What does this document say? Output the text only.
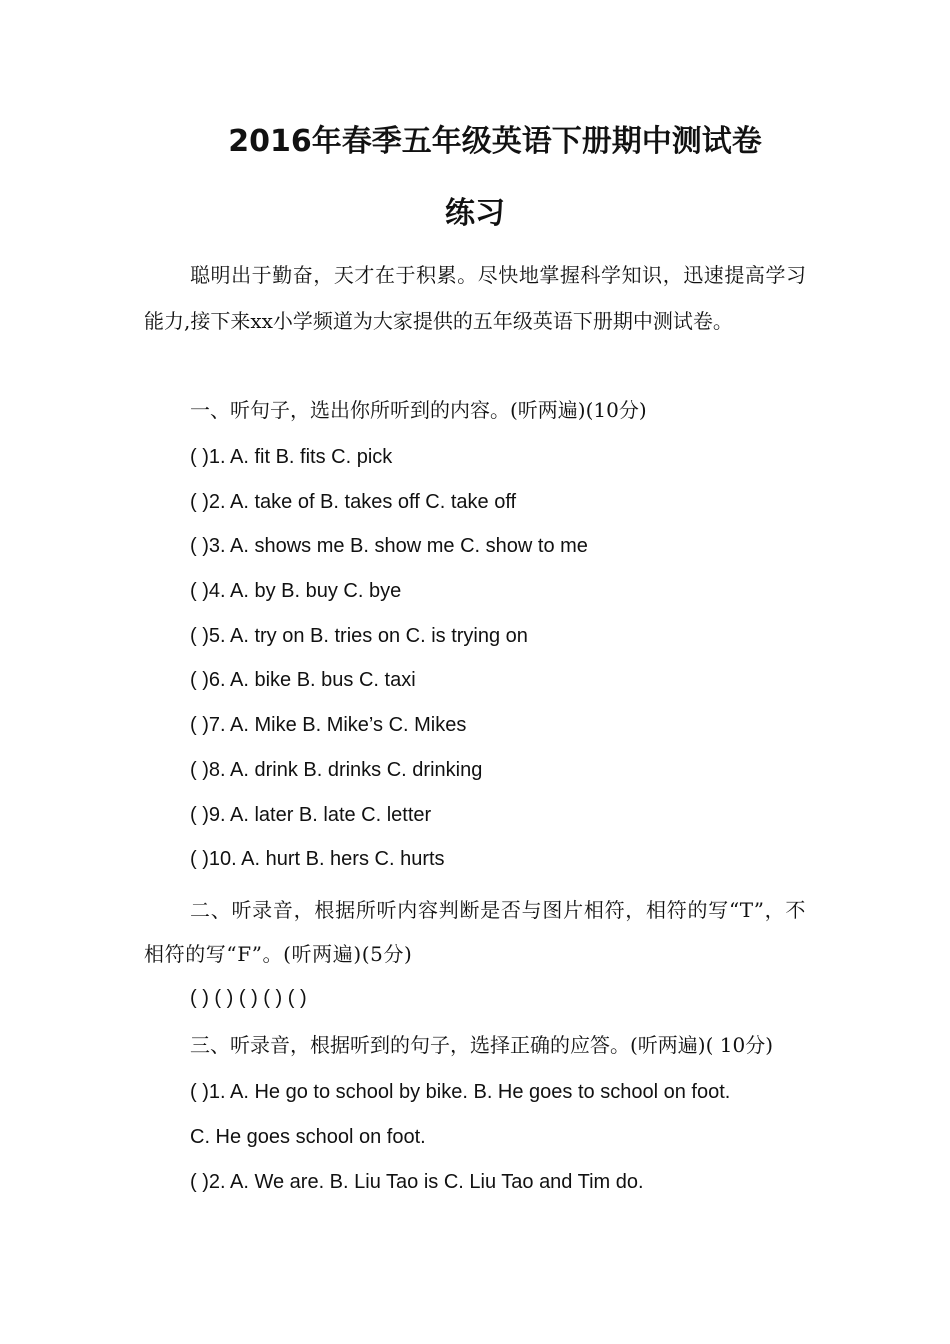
2016年春季五年级英语下册期中测试卷
练习

聪明出于勤奋，天才在于积累。尽快地掌握科学知识，迅速提高学习能力,接下来xx小学频道为大家提供的五年级英语下册期中测试卷。

一、听句子，选出你所听到的内容。(听两遍)(10分)

( )1. A. fit B. fits C. pick

( )2. A. take of B. takes off C. take off

( )3. A. shows me B. show me C. show to me

( )4. A. by B. buy C. bye

( )5. A. try on B. tries on C. is trying on

( )6. A. bike B. bus C. taxi

( )7. A. Mike B. Mike’s C. Mikes

( )8. A. drink B. drinks C. drinking

( )9. A. later B. late C. letter

( )10. A. hurt B. hers C. hurts

二、听录音，根据所听内容判断是否与图片相符，相符的写“T”，不相符的写“F”。(听两遍)(5分)

( ) ( ) ( ) ( ) ( )

三、听录音，根据听到的句子，选择正确的应答。(听两遍)( 10分)

( )1. A. He go to school by bike. B. He goes to school on foot.

C. He goes school on foot.

( )2. A. We are. B. Liu Tao is C. Liu Tao and Tim do.
